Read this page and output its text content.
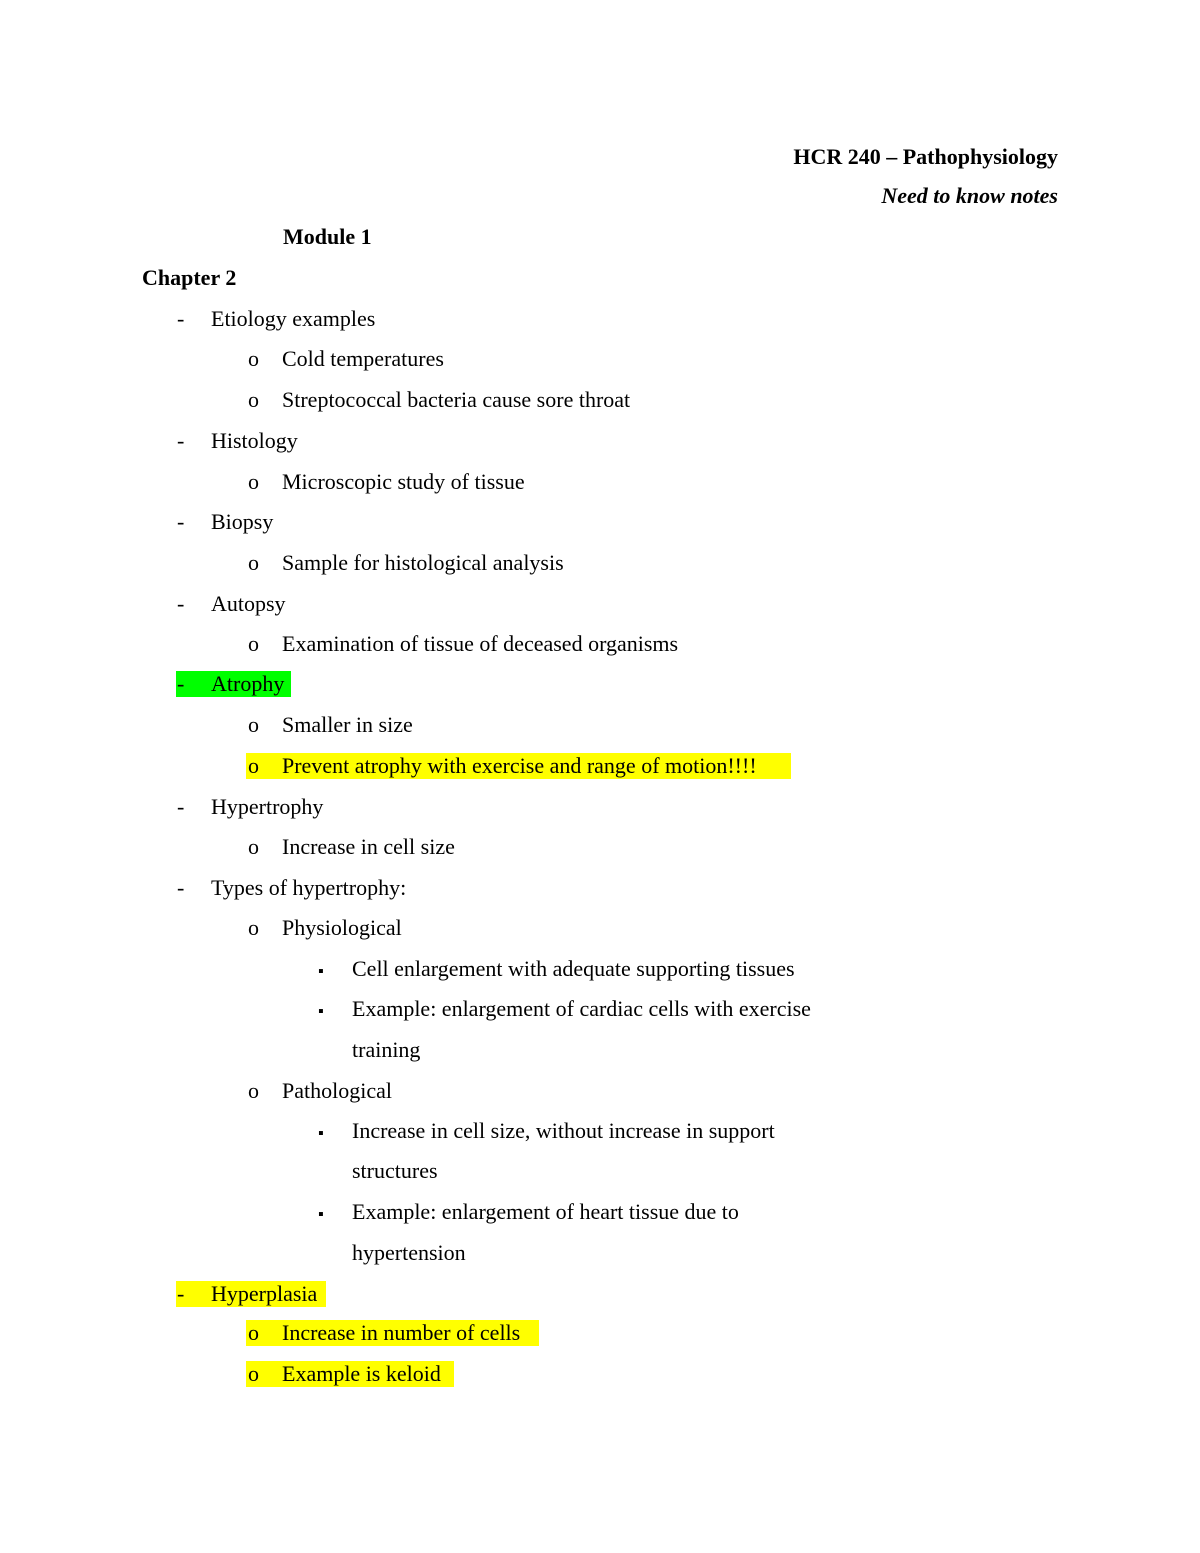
HCR 240 – Pathophysiology
Need to know notes
Module 1
Chapter 2
- Etiology examples
o Cold temperatures
o Streptococcal bacteria cause sore throat
- Histology
o Microscopic study of tissue
- Biopsy
o Sample for histological analysis
- Autopsy
o Examination of tissue of deceased organisms
- Atrophy
o Smaller in size
o Prevent atrophy with exercise and range of motion!!!!
- Hypertrophy
o Increase in cell size
- Types of hypertrophy:
o Physiological
▪ Cell enlargement with adequate supporting tissues
▪ Example: enlargement of cardiac cells with exercise
training
o Pathological
▪ Increase in cell size, without increase in support
structures
▪ Example: enlargement of heart tissue due to
hypertension
- Hyperplasia
o Increase in number of cells
o Example is keloid
